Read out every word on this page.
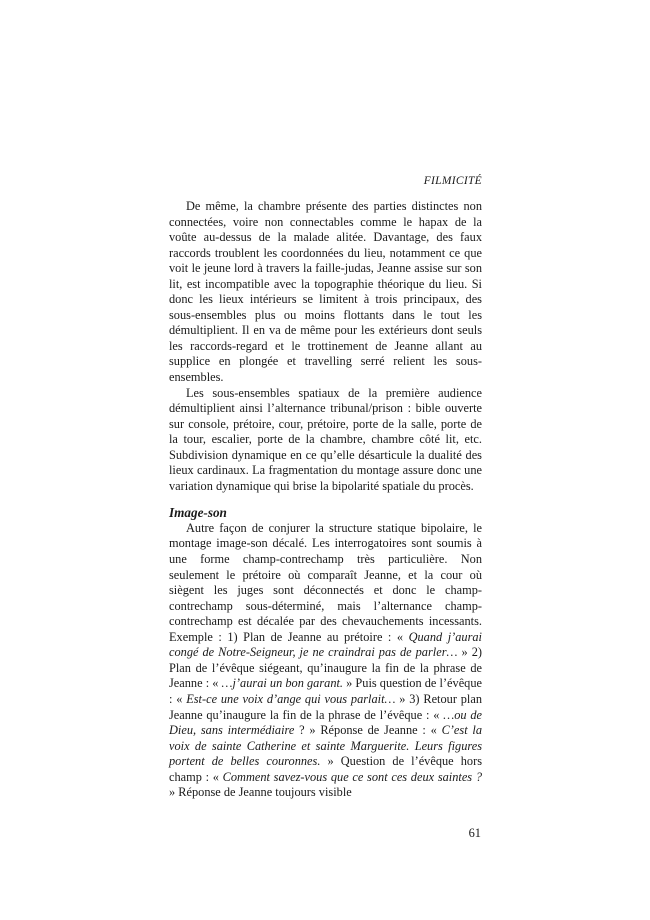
FILMICITÉ

De même, la chambre présente des parties distinctes non connectées, voire non connectables comme le hapax de la voûte au-dessus de la malade alitée. Davantage, des faux raccords troublent les coordonnées du lieu, notamment ce que voit le jeune lord à travers la faille-judas, Jeanne assise sur son lit, est incompatible avec la topographie théorique du lieu. Si donc les lieux intérieurs se limitent à trois principaux, des sous-ensembles plus ou moins flottants dans le tout les démultiplient. Il en va de même pour les extérieurs dont seuls les raccords-regard et le trottinement de Jeanne allant au supplice en plongée et travelling serré relient les sous-ensembles.

Les sous-ensembles spatiaux de la première audience démultiplient ainsi l’alternance tribunal/prison : bible ouverte sur console, prétoire, cour, prétoire, porte de la salle, porte de la tour, escalier, porte de la chambre, chambre côté lit, etc. Subdivision dynamique en ce qu’elle désarticule la dualité des lieux cardinaux. La fragmentation du montage assure donc une variation dynamique qui brise la bipolarité spatiale du procès.

Image-son

Autre façon de conjurer la structure statique bipolaire, le montage image-son décalé. Les interrogatoires sont soumis à une forme champ-contrechamp très particulière. Non seulement le prétoire où comparaît Jeanne, et la cour où siègent les juges sont déconnectés et donc le champ-contrechamp sous-déterminé, mais l’alternance champ-contrechamp est décalée par des chevauchements incessants. Exemple : 1) Plan de Jeanne au prétoire : « Quand j’aurai congé de Notre-Seigneur, je ne craindrai pas de parler… » 2) Plan de l’évêque siégeant, qu’inaugure la fin de la phrase de Jeanne : « …j’aurai un bon garant. » Puis question de l’évêque : « Est-ce une voix d’ange qui vous parlait… » 3) Retour plan Jeanne qu’inaugure la fin de la phrase de l’évêque : « …ou de Dieu, sans intermédiaire ? » Réponse de Jeanne : « C’est la voix de sainte Catherine et sainte Marguerite. Leurs figures portent de belles couronnes. » Question de l’évêque hors champ : « Comment savez-vous que ce sont ces deux saintes ? » Réponse de Jeanne toujours visible

61
